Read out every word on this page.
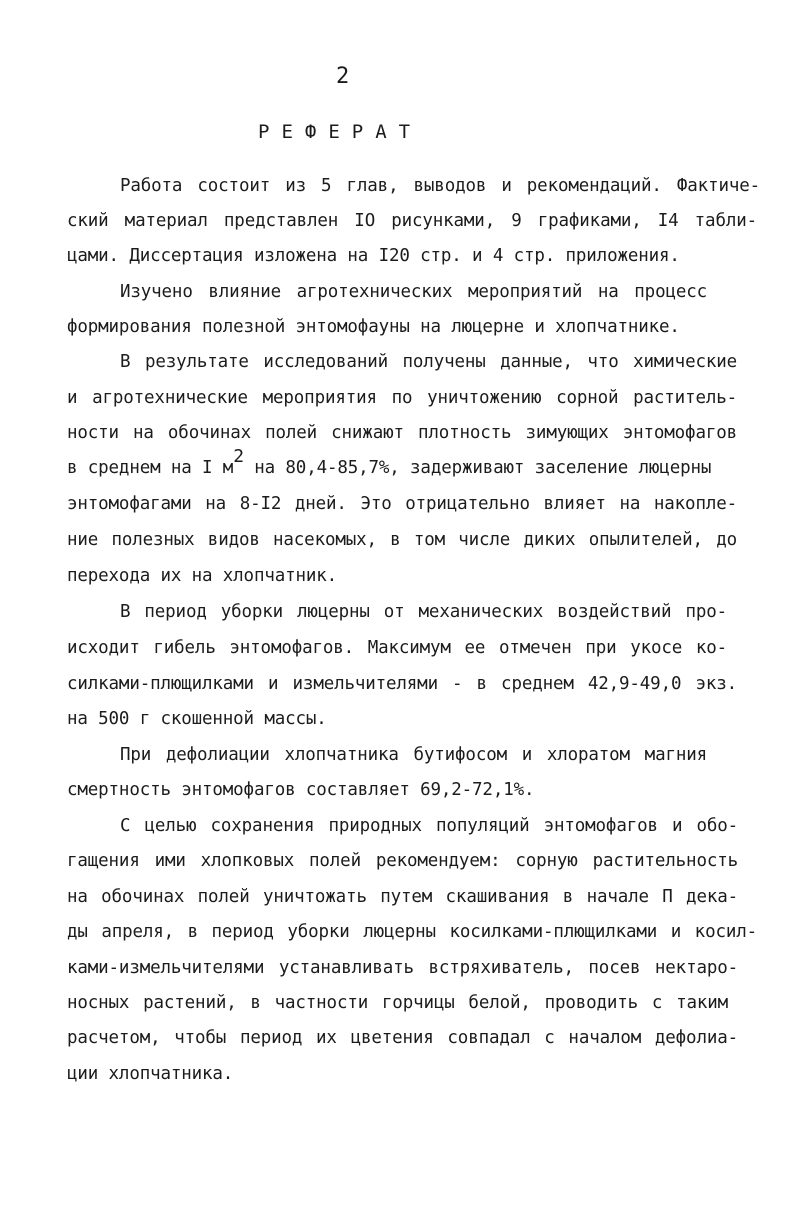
2
РЕФЕРАТ
Работа состоит из 5 глав, выводов и рекомендаций. Фактиче-
ский материал представлен IO рисунками, 9 графиками, I4 табли-
цами. Диссертация изложена на I20 стр. и 4 стр. приложения.
Изучено влияние агротехнических мероприятий на процесс
формирования полезной энтомофауны на люцерне и хлопчатнике.
В результате исследований получены данные, что химические
и агротехнические мероприятия по уничтожению сорной раститель-
ности на обочинах полей снижают плотность зимующих энтомофагов
в среднем на I м2 на 80,4-85,7%, задерживают заселение люцерны
энтомофагами на 8-I2 дней. Это отрицательно влияет на накопле-
ние полезных видов насекомых, в том числе диких опылителей, до
перехода их на хлопчатник.
В период уборки люцерны от механических воздействий про-
исходит гибель энтомофагов. Максимум ее отмечен при укосе ко-
силками-плющилками и измельчителями - в среднем 42,9-49,0 экз.
на 500 г скошенной массы.
При дефолиации хлопчатника бутифосом и хлоратом магния
смертность энтомофагов составляет 69,2-72,1%.
С целью сохранения природных популяций энтомофагов и обо-
гащения ими хлопковых полей рекомендуем: сорную растительность
на обочинах полей уничтожать путем скашивания в начале П дека-
ды апреля, в период уборки люцерны косилками-плющилками и косил-
ками-измельчителями устанавливать встряхиватель, посев нектаро-
носных растений, в частности горчицы белой, проводить с таким
расчетом, чтобы период их цветения совпадал с началом дефолиа-
ции хлопчатника.
